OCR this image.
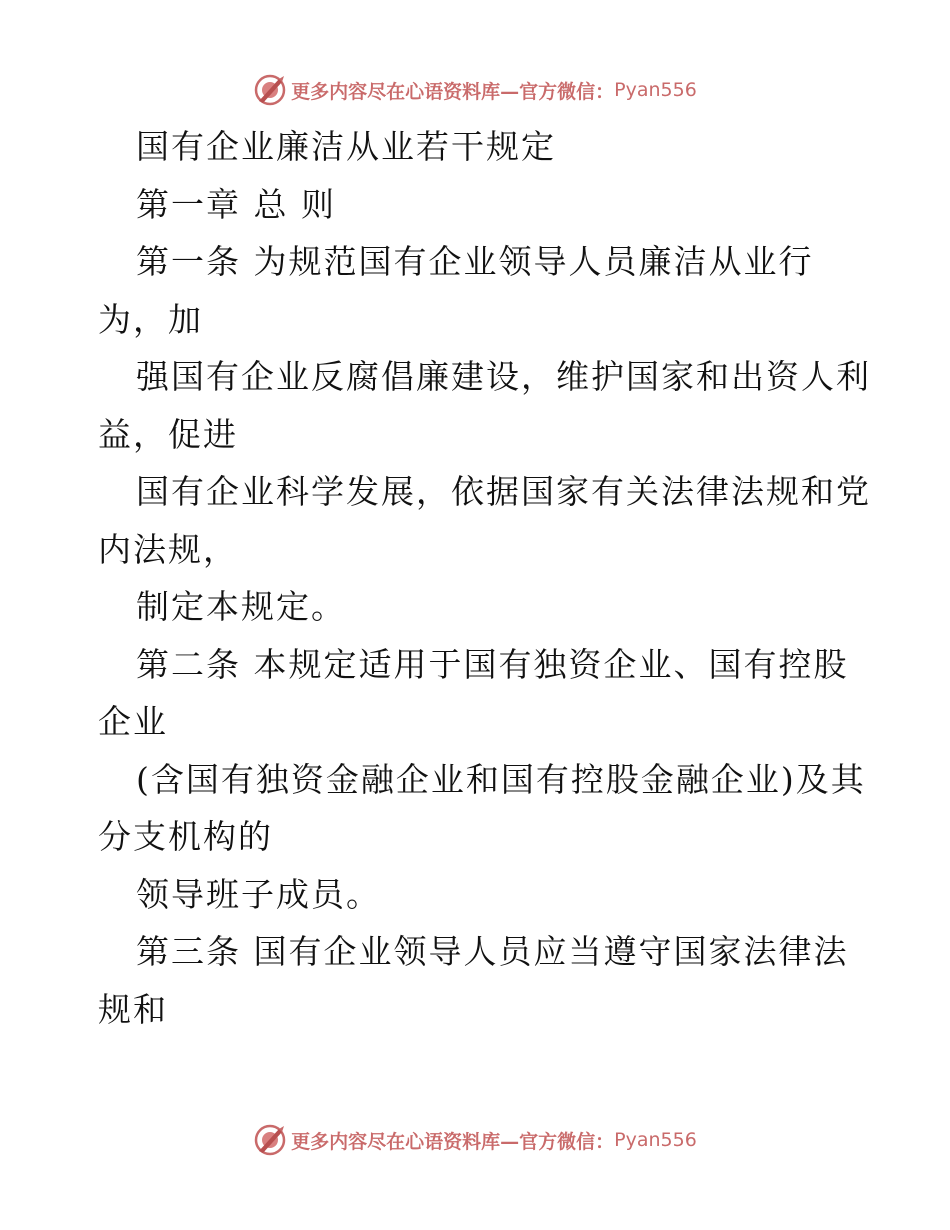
更多内容尽在心语资料库—官方微信： Pyan556
国有企业廉洁从业若干规定
第一章 总 则
第一条 为规范国有企业领导人员廉洁从业行
为，加
强国有企业反腐倡廉建设，维护国家和出资人利
益，促进
国有企业科学发展，依据国家有关法律法规和党
内法规，
制定本规定。
第二条 本规定适用于国有独资企业、国有控股
企业
(含国有独资金融企业和国有控股金融企业)及其
分支机构的
领导班子成员。
第三条 国有企业领导人员应当遵守国家法律法
规和
更多内容尽在心语资料库—官方微信： Pyan556
